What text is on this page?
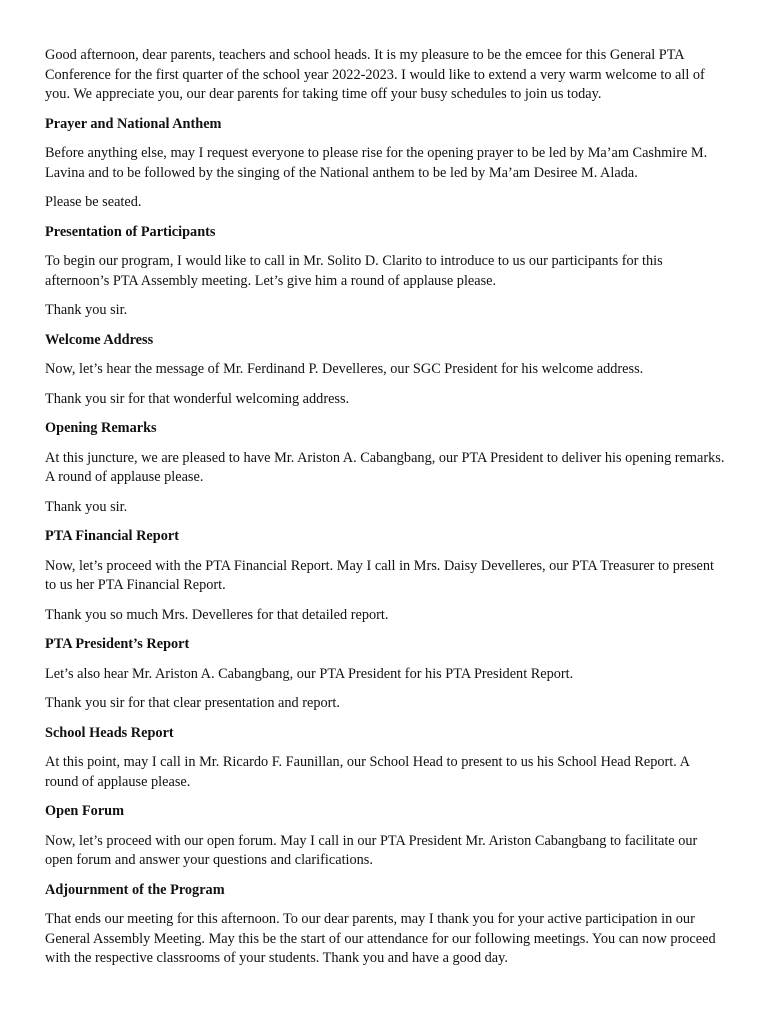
Good afternoon, dear parents, teachers and school heads. It is my pleasure to be the emcee for this General PTA Conference for the first quarter of the school year 2022-2023. I would like to extend a very warm welcome to all of you. We appreciate you, our dear parents for taking time off your busy schedules to join us today.

Prayer and National Anthem

Before anything else, may I request everyone to please rise for the opening prayer to be led by Ma’am Cashmire M. Lavina and to be followed by the singing of the National anthem to be led by Ma’am Desiree M. Alada.

Please be seated.

Presentation of Participants

To begin our program, I would like to call in Mr. Solito D. Clarito to introduce to us our participants for this afternoon’s PTA Assembly meeting. Let’s give him a round of applause please.

Thank you sir.

Welcome Address

Now, let’s hear the message of Mr. Ferdinand P. Develleres, our SGC President for his welcome address.

Thank you sir for that wonderful welcoming address.

Opening Remarks

At this juncture, we are pleased to have Mr. Ariston A. Cabangbang, our PTA President to deliver his opening remarks. A round of applause please.

Thank you sir.

PTA Financial Report

Now, let’s proceed with the PTA Financial Report. May I call in Mrs. Daisy Develleres, our PTA Treasurer to present to us her PTA Financial Report.

Thank you so much Mrs. Develleres for that detailed report.

PTA President’s Report

Let’s also hear Mr. Ariston A. Cabangbang, our PTA President for his PTA President Report.

Thank you sir for that clear presentation and report.

School Heads Report

At this point, may I call in Mr. Ricardo F. Faunillan, our School Head to present to us his School Head Report. A round of applause please.

Open Forum

Now, let’s proceed with our open forum. May I call in our PTA President Mr. Ariston Cabangbang to facilitate our open forum and answer your questions and clarifications.

Adjournment of the Program

That ends our meeting for this afternoon. To our dear parents, may I thank you for your active participation in our General Assembly Meeting. May this be the start of our attendance for our following meetings. You can now proceed with the respective classrooms of your students. Thank you and have a good day.
